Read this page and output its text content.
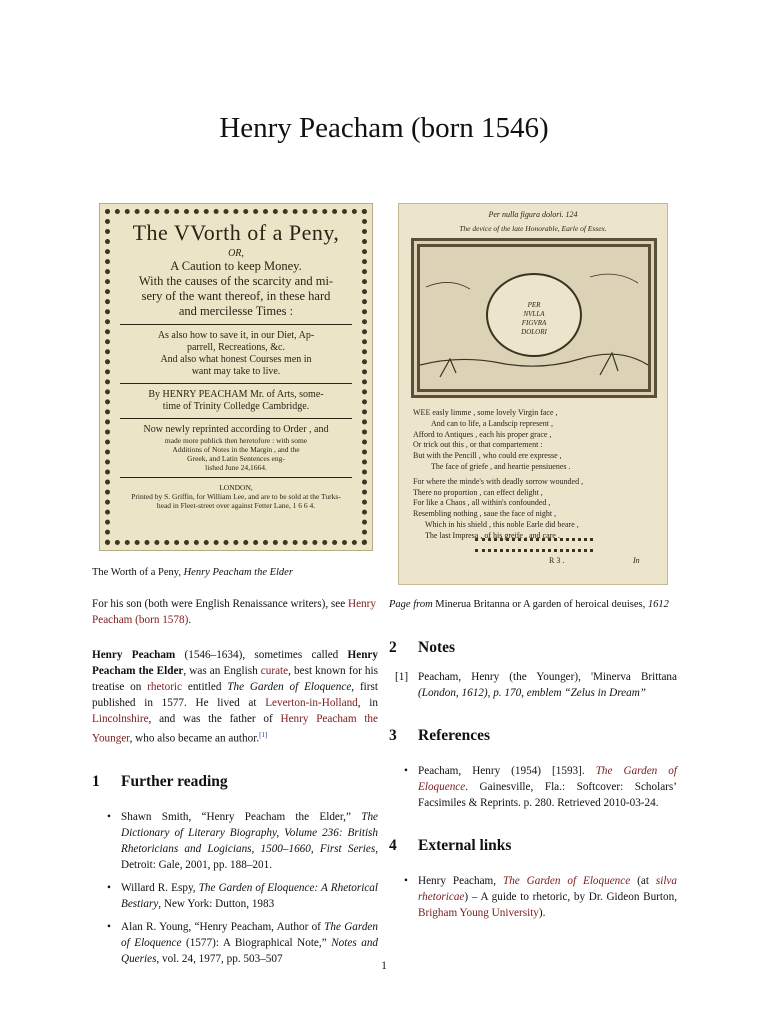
Henry Peacham (born 1546)
The VVorth of a Peny,
OR,
A Caution to keep Money.
With the causes of the scarcity and mi-
sery of the want thereof, in these hard
and mercilesse Times :
As also how to save it, in our Diet, Ap-
parrell, Recreations, &c.
And also what honest Courses men in
want may take to live.
By HENRY PEACHAM Mr. of Arts, some-
time of Trinity Colledge Cambridge.
Now newly reprinted according to Order , and
made more publick then heretofore : with some
Additions of Notes in the Margin , and the
Greek, and Latin Sentences eng-
lished June 24,1664.
LONDON,
Printed by S. Griffin, for William Lee, and are to be sold at the Turks-
head in Fleet-street over against Fetter Lane, 1 6 6 4.
The Worth of a Peny, Henry Peacham the Elder

For his son (both were English Renaissance writers), see Henry Peacham (born 1578).

Henry Peacham (1546–1634), sometimes called Henry Peacham the Elder, was an English curate, best known for his treatise on rhetoric entitled The Garden of Eloquence, first published in 1577. He lived at Leverton-in-Holland, in Lincolnshire, and was the father of Henry Peacham the Younger, who also became an author.[1]

1 Further reading
• Shawn Smith, “Henry Peacham the Elder,” The Dictionary of Literary Biography, Volume 236: British Rhetoricians and Logicians, 1500–1660, First Series, Detroit: Gale, 2001, pp. 188–201.
• Willard R. Espy, The Garden of Eloquence: A Rhetorical Bestiary, New York: Dutton, 1983
• Alan R. Young, “Henry Peacham, Author of The Garden of Eloquence (1577): A Biographical Note,” Notes and Queries, vol. 24, 1977, pp. 503–507
Per nulla figura dolori. 124
The device of the late Honorable, Earle of Essex.
PER
NVLLA
FIGVRA
DOLORI
WEE easly limme , some lovely Virgin face ,
And can to life, a Landscip represent ,
Afford to Antiques , each his proper grace ,
Or trick out this , or that compartement :
But with the Pencill , who could ere expresse ,
The face of griefe , and heartie pensiuenes .
For where the minde's with deadly sorrow wounded ,
There no proportion , can effect delight ,
For like a Chaos , all within's confounded ,
Resembling nothing , saue the face of night ,
Which in his shield , this noble Earle did beare ,
The last Impresa , of his greife , and care .
R 3 .	In
Page from Minerua Britanna or A garden of heroical deuises, 1612
2 Notes
[1] Peacham, Henry (the Younger), 'Minerva Brittana (London, 1612), p. 170, emblem “Zelus in Dream”
3 References
• Peacham, Henry (1954) [1593]. The Garden of Eloquence. Gainesville, Fla.: Softcover: Scholars’ Facsimiles & Reprints. p. 280. Retrieved 2010-03-24.
4 External links
• Henry Peacham, The Garden of Eloquence (at silva rhetoricae) – A guide to rhetoric, by Dr. Gideon Burton, Brigham Young University).
1
